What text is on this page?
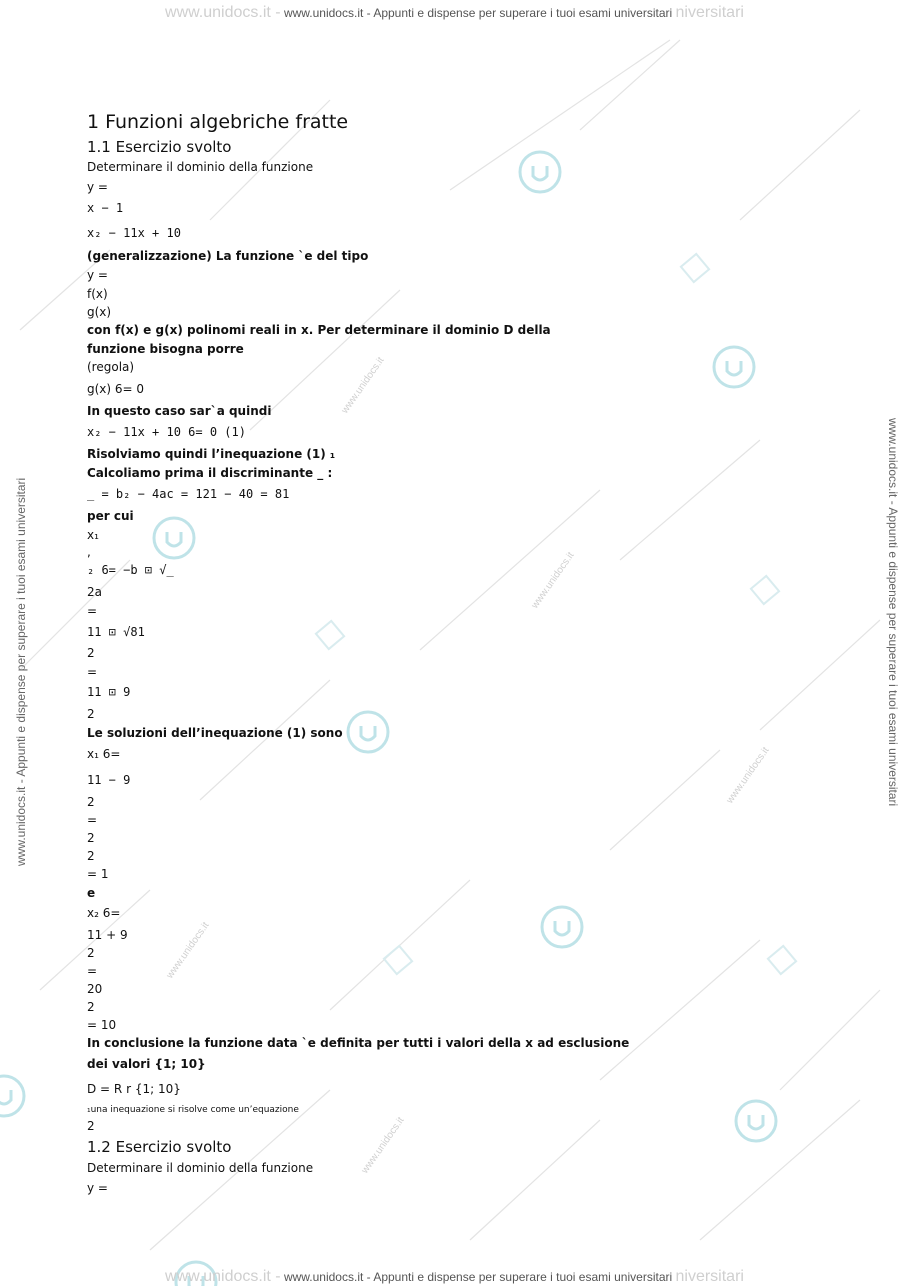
www.unidocs.it
www.unidocs.it
www.unidocs.it
www.unidocs.it
www.unidocs.it
www.unidocs.it - www.unidocs.it - Appunti e dispense per superare i tuoi esami universitari niversitari
www.unidocs.it - www.unidocs.it - Appunti e dispense per superare i tuoi esami universitari niversitari
www.unidocs.it - Appunti e dispense per superare i tuoi esami universitari	www.unidocs.it - Appunti e dispense per superare i tuoi esami universitari
1 Funzioni algebriche fratte
1.1 Esercizio svolto
Determinare il dominio della funzione
y =
x − 1
x₂ − 11x + 10
(generalizzazione) La funzione `e del tipo
y =
f(x)
g(x)
con f(x) e g(x) polinomi reali in x. Per determinare il dominio D della
funzione bisogna porre
(regola)
g(x) 6= 0
In questo caso sar`a quindi
x₂ − 11x + 10 6= 0 (1)
Risolviamo quindi l’inequazione (1) ₁
Calcoliamo prima il discriminante _ :
_ = b₂ − 4ac = 121 − 40 = 81
per cui
x₁
,
₂ 6= −b ⊡ √_
2a
=
11 ⊡ √81
2
=
11 ⊡ 9
2
Le soluzioni dell’inequazione (1) sono
x₁ 6=
11 − 9
2
=
2
2
= 1
e
x₂ 6=
11 + 9
2
=
20
2
= 10
In conclusione la funzione data `e definita per tutti i valori della x ad esclusione
dei valori {1; 10}
D = R r {1; 10}
₁una inequazione si risolve come un’equazione
2
1.2 Esercizio svolto
Determinare il dominio della funzione
y =
